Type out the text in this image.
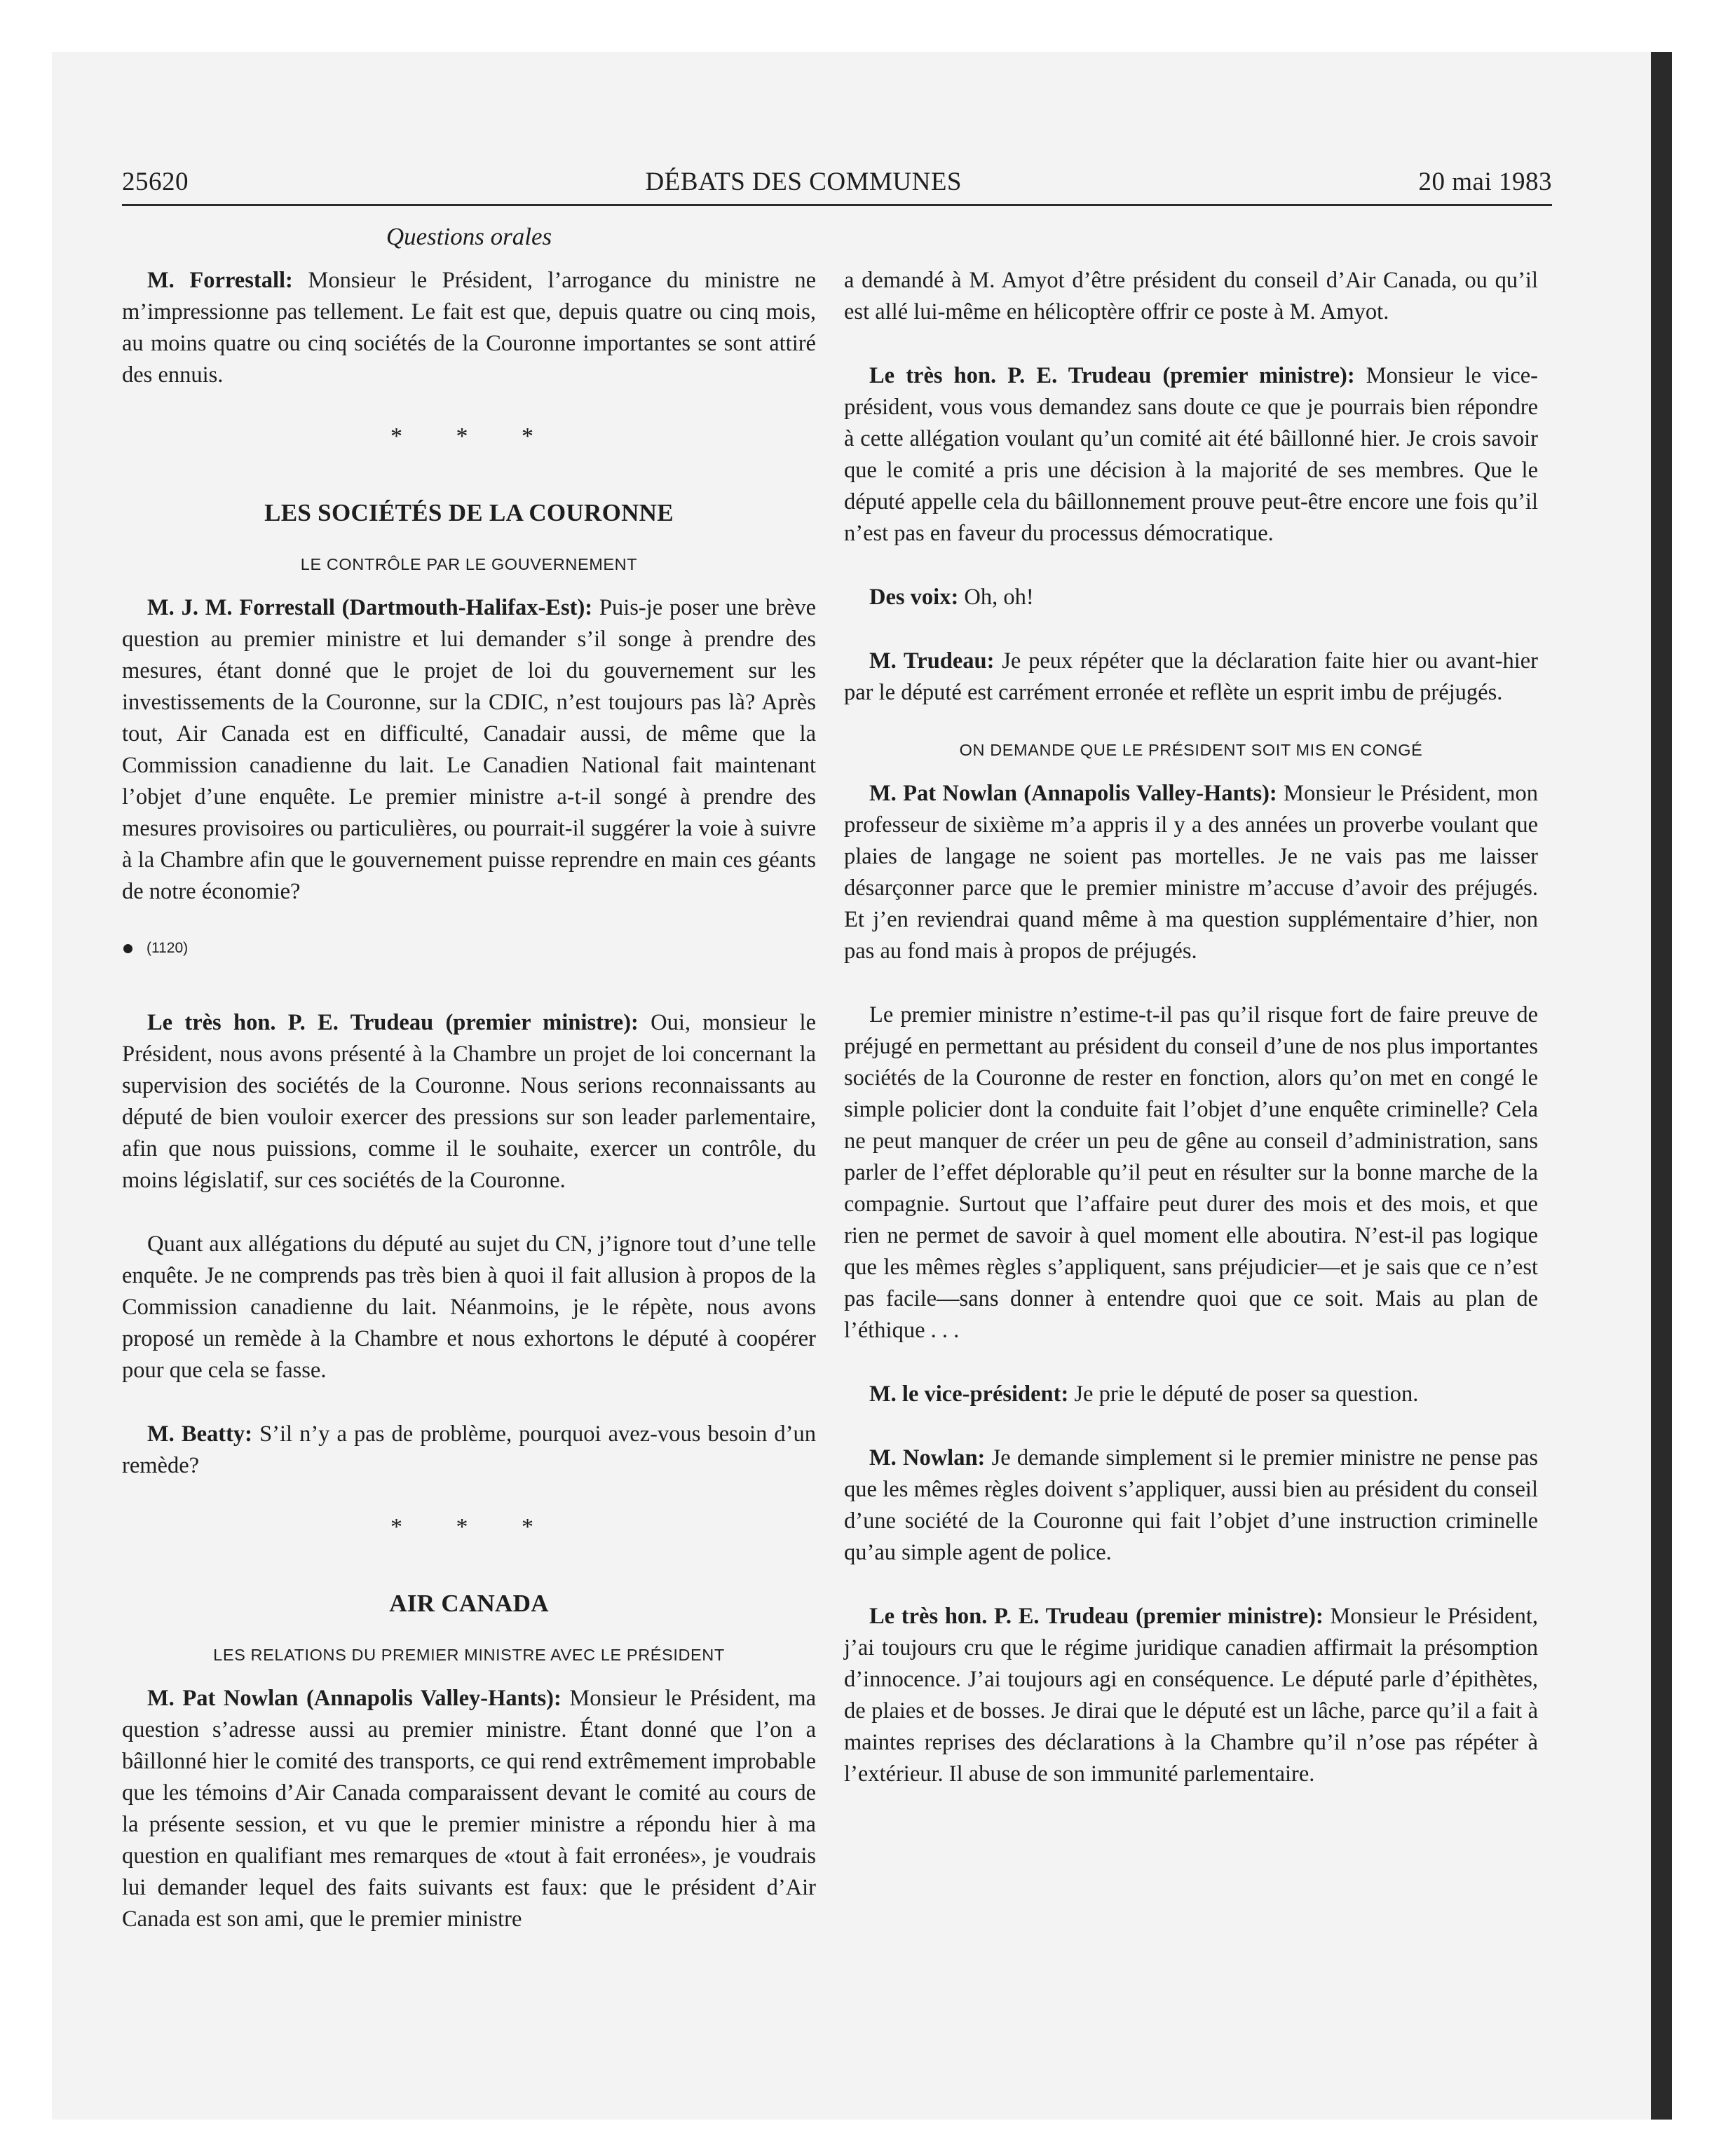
25620	DÉBATS DES COMMUNES	20 mai 1983
Questions orales

M. Forrestall: Monsieur le Président, l’arrogance du ministre ne m’impressionne pas tellement. Le fait est que, depuis quatre ou cinq mois, au moins quatre ou cinq sociétés de la Couronne importantes se sont attiré des ennuis.

* * *
LES SOCIÉTÉS DE LA COURONNE
LE CONTRÔLE PAR LE GOUVERNEMENT

M. J. M. Forrestall (Dartmouth-Halifax-Est): Puis-je poser une brève question au premier ministre et lui demander s’il songe à prendre des mesures, étant donné que le projet de loi du gouvernement sur les investissements de la Couronne, sur la CDIC, n’est toujours pas là? Après tout, Air Canada est en difficulté, Canadair aussi, de même que la Commission canadienne du lait. Le Canadien National fait maintenant l’objet d’une enquête. Le premier ministre a-t-il songé à prendre des mesures provisoires ou particulières, ou pourrait-il suggérer la voie à suivre à la Chambre afin que le gouvernement puisse reprendre en main ces géants de notre économie?

(1120)

Le très hon. P. E. Trudeau (premier ministre): Oui, monsieur le Président, nous avons présenté à la Chambre un projet de loi concernant la supervision des sociétés de la Couronne. Nous serions reconnaissants au député de bien vouloir exercer des pressions sur son leader parlementaire, afin que nous puissions, comme il le souhaite, exercer un contrôle, du moins législatif, sur ces sociétés de la Couronne.

Quant aux allégations du député au sujet du CN, j’ignore tout d’une telle enquête. Je ne comprends pas très bien à quoi il fait allusion à propos de la Commission canadienne du lait. Néanmoins, je le répète, nous avons proposé un remède à la Chambre et nous exhortons le député à coopérer pour que cela se fasse.

M. Beatty: S’il n’y a pas de problème, pourquoi avez-vous besoin d’un remède?

* * *
AIR CANADA
LES RELATIONS DU PREMIER MINISTRE AVEC LE PRÉSIDENT

M. Pat Nowlan (Annapolis Valley-Hants): Monsieur le Président, ma question s’adresse aussi au premier ministre. Étant donné que l’on a bâillonné hier le comité des transports, ce qui rend extrêmement improbable que les témoins d’Air Canada comparaissent devant le comité au cours de la présente session, et vu que le premier ministre a répondu hier à ma question en qualifiant mes remarques de «tout à fait erronées», je voudrais lui demander lequel des faits suivants est faux: que le président d’Air Canada est son ami, que le premier ministre

a demandé à M. Amyot d’être président du conseil d’Air Canada, ou qu’il est allé lui-même en hélicoptère offrir ce poste à M. Amyot.

Le très hon. P. E. Trudeau (premier ministre): Monsieur le vice-président, vous vous demandez sans doute ce que je pourrais bien répondre à cette allégation voulant qu’un comité ait été bâillonné hier. Je crois savoir que le comité a pris une décision à la majorité de ses membres. Que le député appelle cela du bâillonnement prouve peut-être encore une fois qu’il n’est pas en faveur du processus démocratique.

Des voix: Oh, oh!

M. Trudeau: Je peux répéter que la déclaration faite hier ou avant-hier par le député est carrément erronée et reflète un esprit imbu de préjugés.

ON DEMANDE QUE LE PRÉSIDENT SOIT MIS EN CONGÉ

M. Pat Nowlan (Annapolis Valley-Hants): Monsieur le Président, mon professeur de sixième m’a appris il y a des années un proverbe voulant que plaies de langage ne soient pas mortelles. Je ne vais pas me laisser désarçonner parce que le premier ministre m’accuse d’avoir des préjugés. Et j’en reviendrai quand même à ma question supplémentaire d’hier, non pas au fond mais à propos de préjugés.

Le premier ministre n’estime-t-il pas qu’il risque fort de faire preuve de préjugé en permettant au président du conseil d’une de nos plus importantes sociétés de la Couronne de rester en fonction, alors qu’on met en congé le simple policier dont la conduite fait l’objet d’une enquête criminelle? Cela ne peut manquer de créer un peu de gêne au conseil d’administration, sans parler de l’effet déplorable qu’il peut en résulter sur la bonne marche de la compagnie. Surtout que l’affaire peut durer des mois et des mois, et que rien ne permet de savoir à quel moment elle aboutira. N’est-il pas logique que les mêmes règles s’appliquent, sans préjudicier—et je sais que ce n’est pas facile—sans donner à entendre quoi que ce soit. Mais au plan de l’éthique . . .

M. le vice-président: Je prie le député de poser sa question.

M. Nowlan: Je demande simplement si le premier ministre ne pense pas que les mêmes règles doivent s’appliquer, aussi bien au président du conseil d’une société de la Couronne qui fait l’objet d’une instruction criminelle qu’au simple agent de police.

Le très hon. P. E. Trudeau (premier ministre): Monsieur le Président, j’ai toujours cru que le régime juridique canadien affirmait la présomption d’innocence. J’ai toujours agi en conséquence. Le député parle d’épithètes, de plaies et de bosses. Je dirai que le député est un lâche, parce qu’il a fait à maintes reprises des déclarations à la Chambre qu’il n’ose pas répéter à l’extérieur. Il abuse de son immunité parlementaire.
